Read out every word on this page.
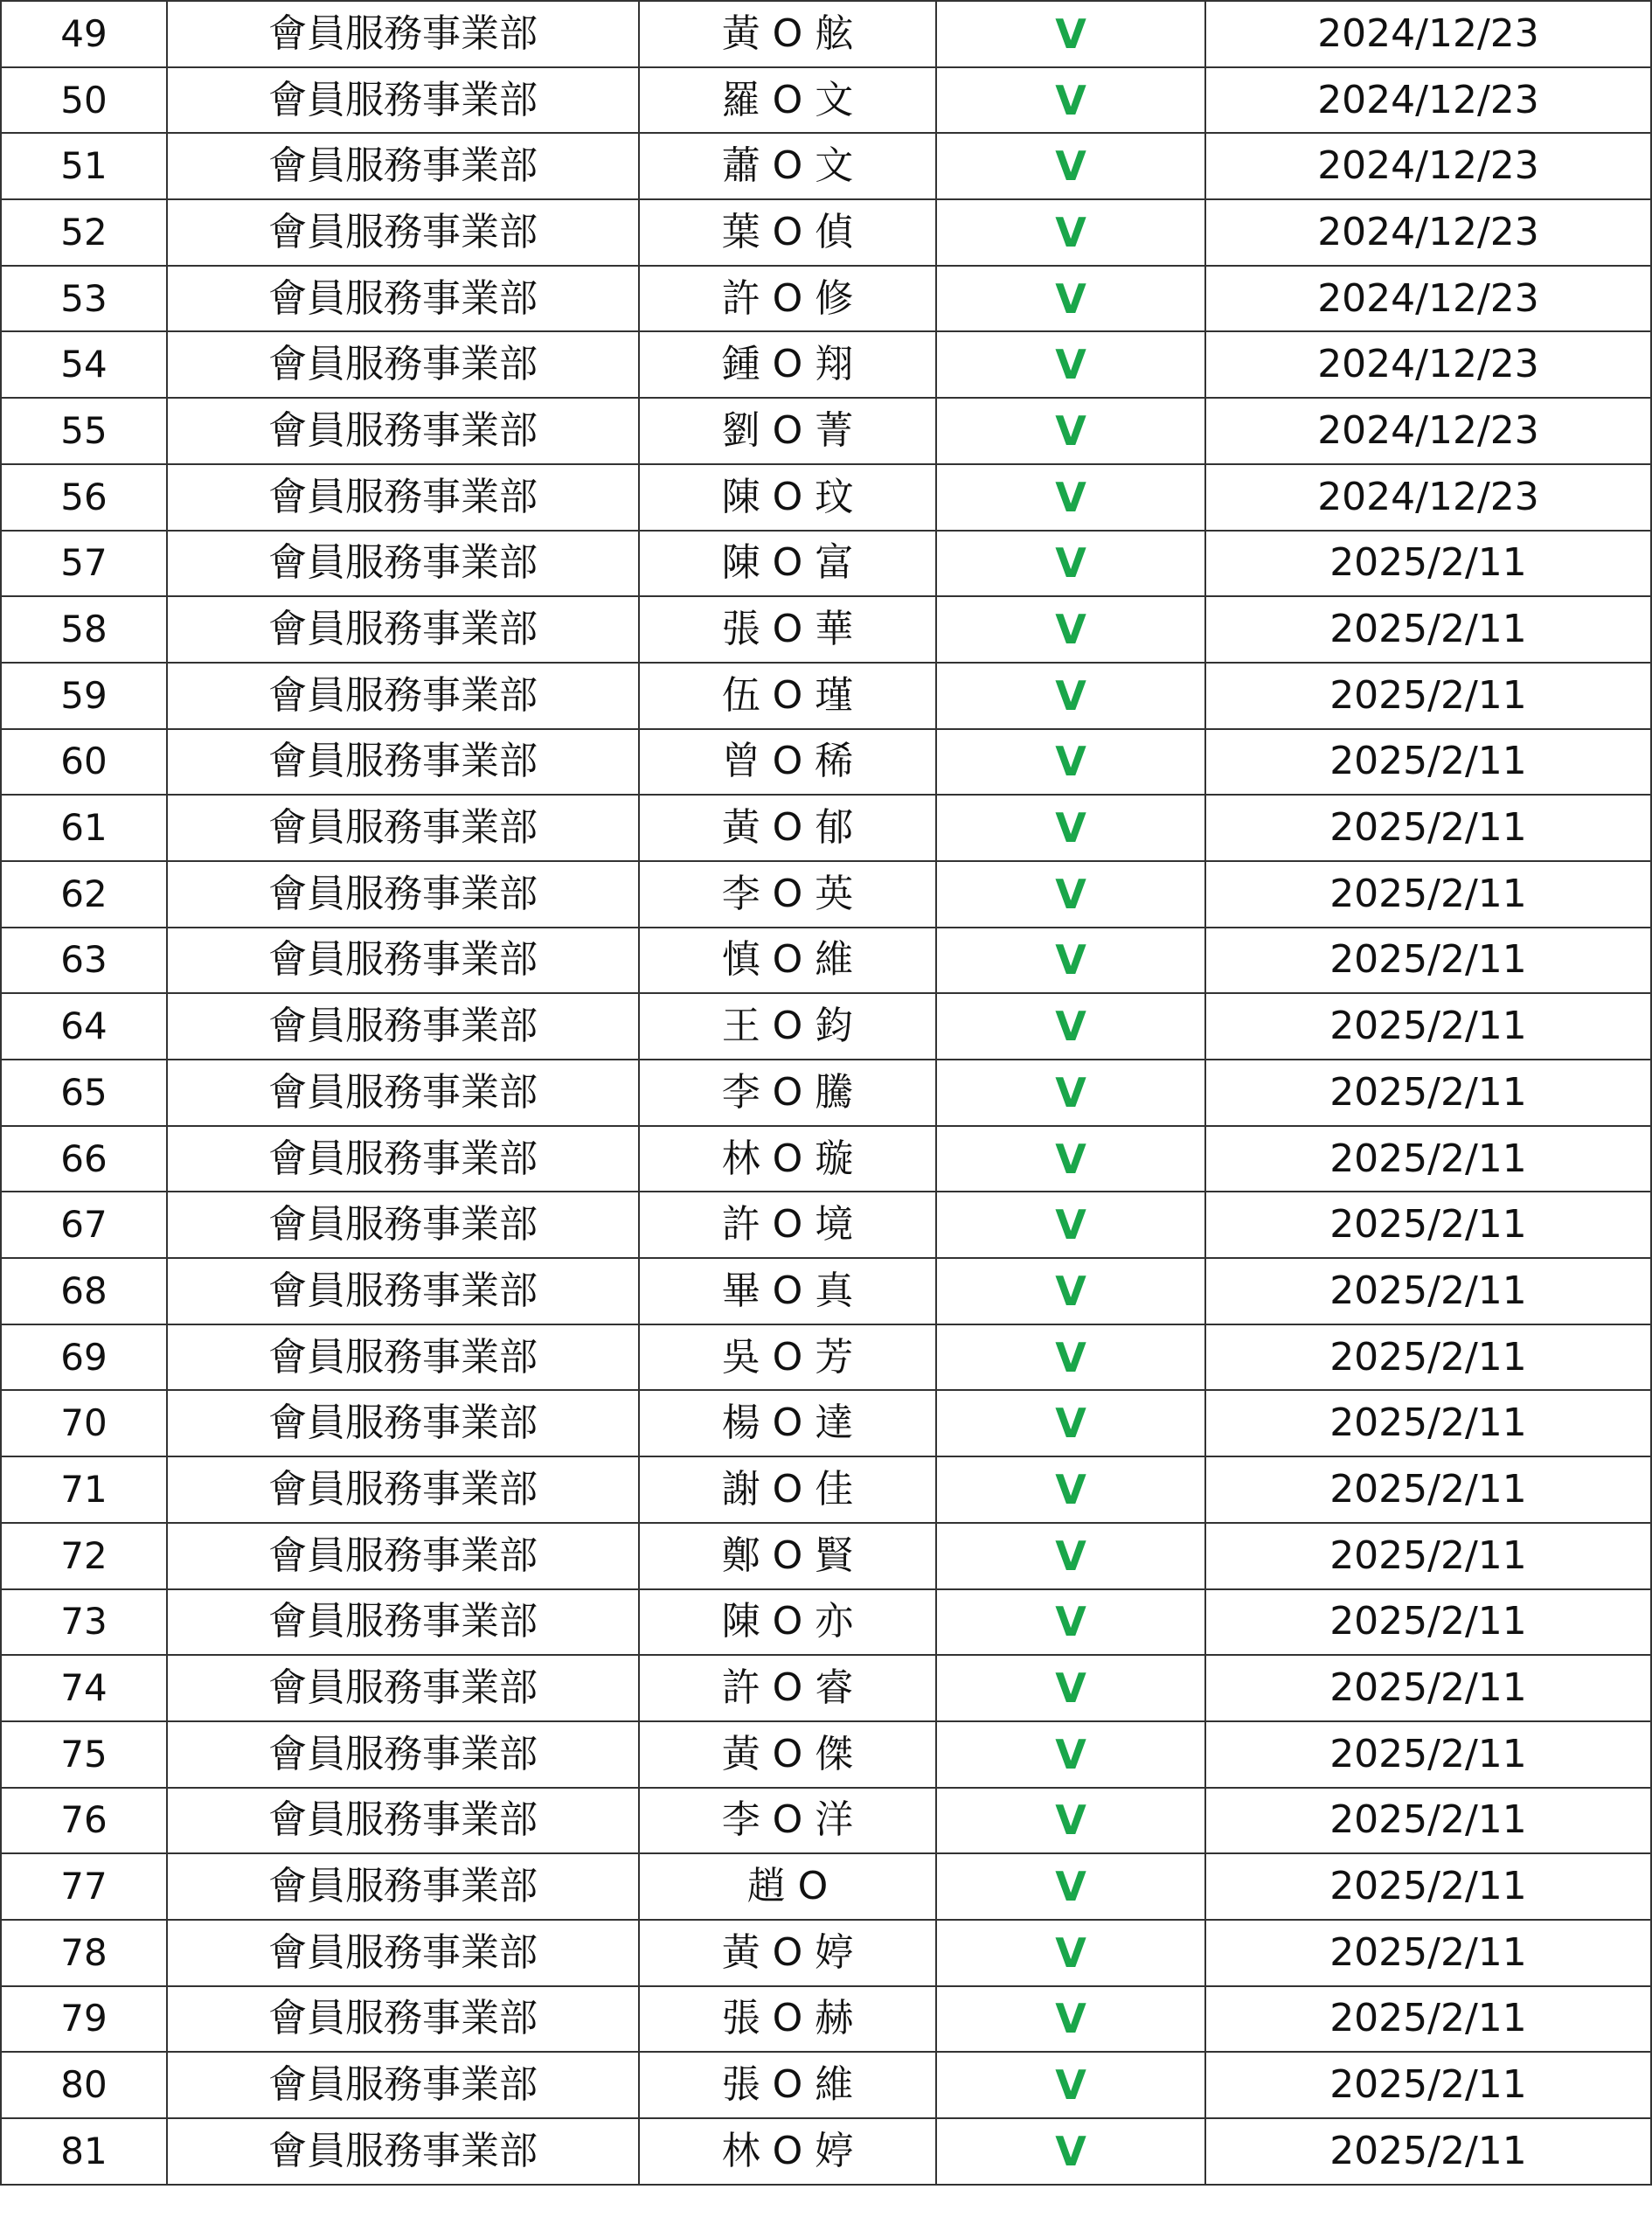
49	會員服務事業部	黃 O 舷	V	2024/12/23
50	會員服務事業部	羅 O 文	V	2024/12/23
51	會員服務事業部	蕭 O 文	V	2024/12/23
52	會員服務事業部	葉 O 偵	V	2024/12/23
53	會員服務事業部	許 O 修	V	2024/12/23
54	會員服務事業部	鍾 O 翔	V	2024/12/23
55	會員服務事業部	劉 O 菁	V	2024/12/23
56	會員服務事業部	陳 O 玟	V	2024/12/23
57	會員服務事業部	陳 O 富	V	2025/2/11
58	會員服務事業部	張 O 華	V	2025/2/11
59	會員服務事業部	伍 O 瑾	V	2025/2/11
60	會員服務事業部	曾 O 稀	V	2025/2/11
61	會員服務事業部	黃 O 郁	V	2025/2/11
62	會員服務事業部	李 O 英	V	2025/2/11
63	會員服務事業部	慎 O 維	V	2025/2/11
64	會員服務事業部	王 O 鈞	V	2025/2/11
65	會員服務事業部	李 O 騰	V	2025/2/11
66	會員服務事業部	林 O 璇	V	2025/2/11
67	會員服務事業部	許 O 境	V	2025/2/11
68	會員服務事業部	畢 O 真	V	2025/2/11
69	會員服務事業部	吳 O 芳	V	2025/2/11
70	會員服務事業部	楊 O 達	V	2025/2/11
71	會員服務事業部	謝 O 佳	V	2025/2/11
72	會員服務事業部	鄭 O 賢	V	2025/2/11
73	會員服務事業部	陳 O 亦	V	2025/2/11
74	會員服務事業部	許 O 睿	V	2025/2/11
75	會員服務事業部	黃 O 傑	V	2025/2/11
76	會員服務事業部	李 O 洋	V	2025/2/11
77	會員服務事業部	趙 O	V	2025/2/11
78	會員服務事業部	黃 O 婷	V	2025/2/11
79	會員服務事業部	張 O 赫	V	2025/2/11
80	會員服務事業部	張 O 維	V	2025/2/11
81	會員服務事業部	林 O 婷	V	2025/2/11
